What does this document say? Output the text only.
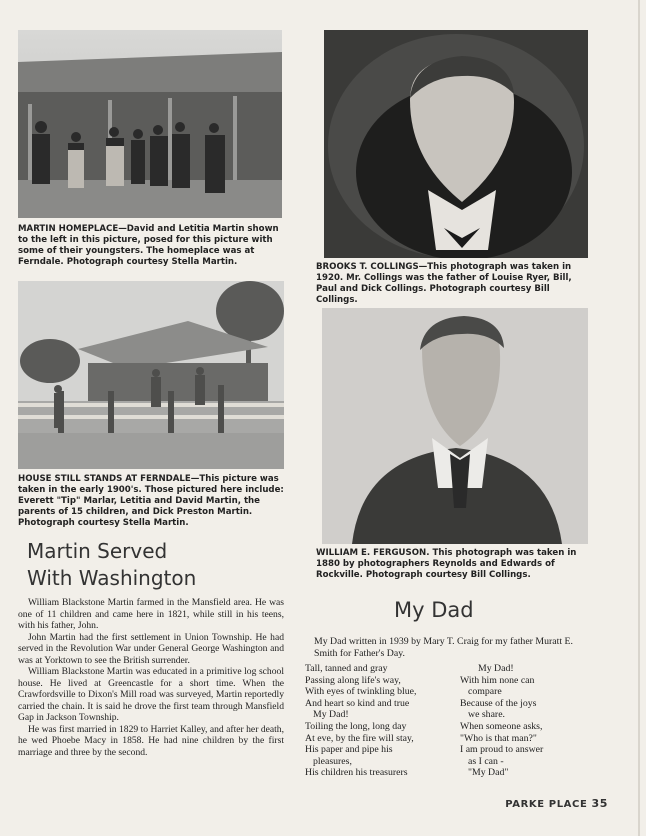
MARTIN HOMEPLACE—David and Letitia Martin shown to the left in this picture, posed for this picture with some of their youngsters. The homeplace was at Ferndale. Photograph courtesy Stella Martin.
HOUSE STILL STANDS AT FERNDALE—This picture was taken in the early 1900's. Those pictured here include: Everett "Tip" Marlar, Letitia and David Martin, the parents of 15 children, and Dick Preston Martin. Photograph courtesy Stella Martin.
Martin Served
With Washington

William Blackstone Martin farmed in the Mansfield area. He was one of 11 children and came here in 1821, while still in his teens, with his father, John.

John Martin had the first settlement in Union Township. He had served in the Revolution War under General George Washington and was at Yorktown to see the British surrender.

William Blackstone Martin was educated in a primitive log school house. He lived at Greencastle for a short time. When the Crawfordsville to Dixon's Mill road was surveyed, Martin reportedly carried the chain. It is said he drove the first team through Mansfield Gap in Jackson Township.

He was first married in 1829 to Harriet Kalley, and after her death, he wed Phoebe Macy in 1858. He had nine children by the first marriage and three by the second.

BROOKS T. COLLINGS—This photograph was taken in 1920. Mr. Collings was the father of Louise Ryer, Bill, Paul and Dick Collings. Photograph courtesy Bill Collings.
WILLIAM E. FERGUSON. This photograph was taken in 1880 by photographers Reynolds and Edwards of Rockville. Photograph courtesy Bill Collings.
My Dad
My Dad written in 1939 by Mary T. Craig for my father Muratt E. Smith for Father's Day.
Tall, tanned and gray
Passing along life's way,
With eyes of twinkling blue,
And heart so kind and true
My Dad!
Toiling the long, long day
At eve, by the fire will stay,
His paper and pipe his
pleasures,
His children his treasurers
My Dad!
With him none can
compare
Because of the joys
we share.
When someone asks,
"Who is that man?"
I am proud to answer
as I can -
"My Dad"
PARKE PLACE 35
